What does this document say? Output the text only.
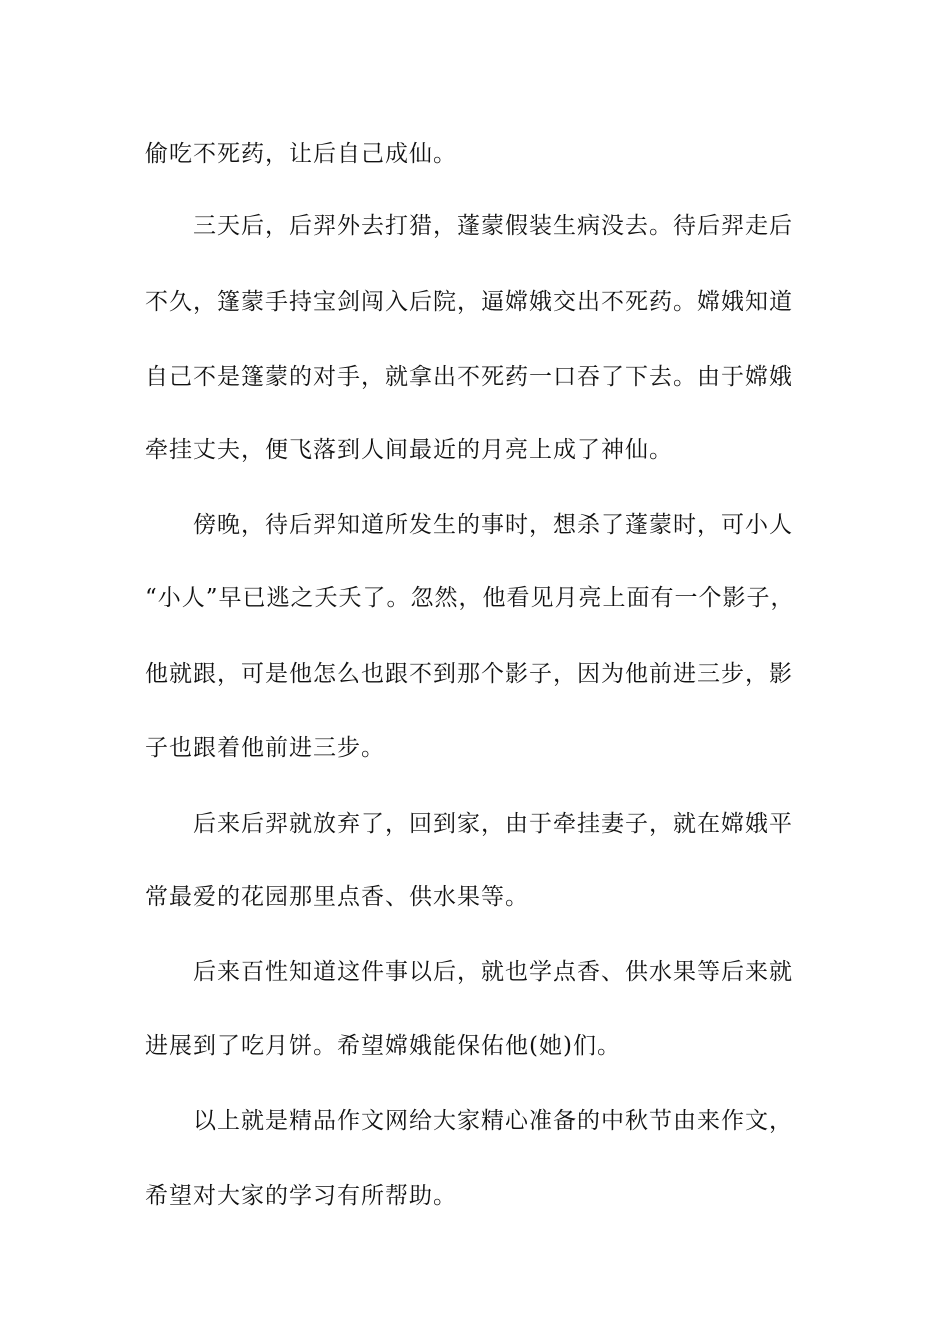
偷吃不死药，让后自己成仙。
三天后，后羿外去打猎，蓬蒙假装生病没去。待后羿走后
不久，篷蒙手持宝剑闯入后院，逼嫦娥交出不死药。嫦娥知道
自己不是篷蒙的对手，就拿出不死药一口吞了下去。由于嫦娥
牵挂丈夫，便飞落到人间最近的月亮上成了神仙。
傍晚，待后羿知道所发生的事时，想杀了蓬蒙时，可小人
“小人”早已逃之夭夭了。忽然，他看见月亮上面有一个影子，
他就跟，可是他怎么也跟不到那个影子，因为他前进三步，影
子也跟着他前进三步。
后来后羿就放弃了，回到家，由于牵挂妻子，就在嫦娥平
常最爱的花园那里点香、供水果等。
后来百性知道这件事以后，就也学点香、供水果等后来就
进展到了吃月饼。希望嫦娥能保佑他(她)们。
以上就是精品作文网给大家精心准备的中秋节由来作文，
希望对大家的学习有所帮助。
